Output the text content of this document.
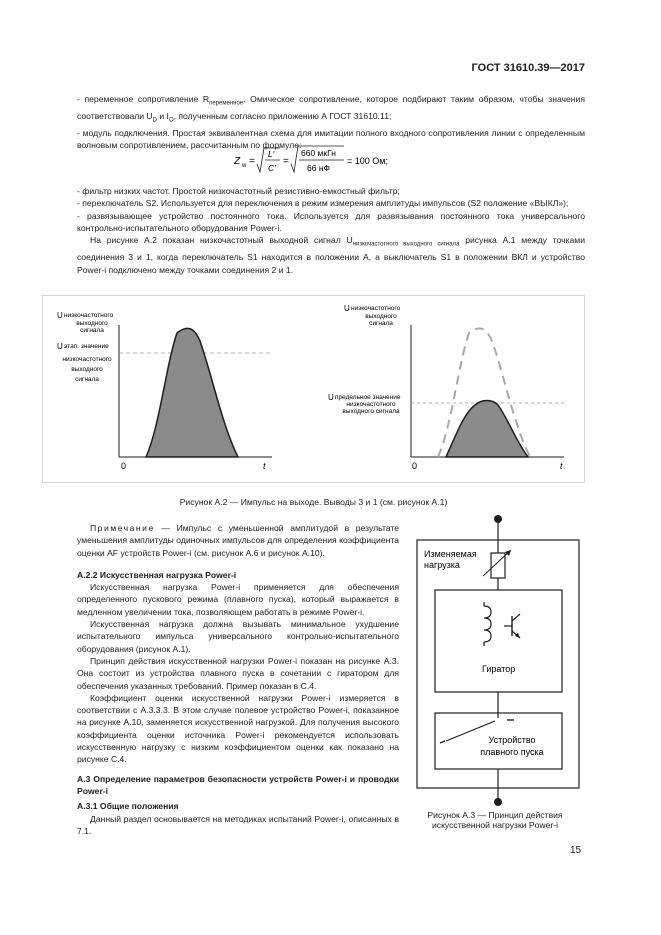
ГОСТ 31610.39—2017

- переменное сопротивление $R_{переменное}$. Омическое сопротивление, которое подбирают таким образом, чтобы значения соответствовали $U_D$ и $I_O$, полученным согласно приложению А ГОСТ 31610.11;

- модуль подключения. Простая эквивалентная схема для имитации полного входного сопротивления линии с определенным волновым сопротивлением, рассчитанным по формуле:

Z w =
L′
C′
=
660 мкГн
66 нФ
= 100 Ом;

- фильтр низких частот. Простой низкочастотный резистивно-емкостный фильтр;

- переключатель S2. Используется для переключения в режим измерения амплитуды импульсов (S2 положение «ВЫКЛ»);

- развязывающее устройство постоянного тока. Используется для развязывания постоянного тока универсального контрольно-испытательного оборудования Power-i.

На рисунке А.2 показан низкочастотный выходной сигнал $U_{низкочастотного выходного сигнала}$ рисунка А.1 между точками соединения 3 и 1, когда переключатель S1 находится в положении А, а выключатель S1 в положении ВКЛ и устройство Power-i подключено между точками соединения 2 и 1.

U низкочастотного
выходного
сигнала
U этап. значение
низкочастотного
выходного
сигнала
0	t
U низкочастотного
выходного
сигнала
U предельное значение
низкочастотного
выходного сигнала
0	t
Рисунок А.2 — Импульс на выходе. Выводы 3 и 1 (см. рисунок А.1)

Примечание — Импульс с уменьшенной амплитудой в результате уменьшения амплитуды одиночных импульсов для определения коэффициента оценки AF устройств Power-i (см. рисунок А.6 и рисунок А.10).

А.2.2 Искусственная нагрузка Power-i

Искусственная нагрузка Power-i применяется для обеспечения определенного пускового режима (плавного пуска), который выражается в медленном увеличении тока, позволяющем работать в режиме Power-i.

Искусственная нагрузка должна вызывать минимальное ухудшение испытательного импульса универсального контрольно-испытательного оборудования (рисунок А.1).

Принцип действия искусственной нагрузки Power-i показан на рисунке А.3. Она состоит из устройства плавного пуска в сочетании с гиратором для обеспечения указанных требований. Пример показан в С.4.

Коэффициент оценки искусственной нагрузки Power-i измеряется в соответствии с А.3.3.3. В этом случае полевое устройство Power-i, показанное на рисунке А.10, заменяется искусственной нагрузкой. Для получения высокого коэффициента оценки источника Power-i рекомендуется использовать искусственную нагрузку с низким коэффициентом оценки как показано на рисунке С.4.

А.3 Определение параметров безопасности устройств Power-i и проводки Power-i

А.3.1 Общие положения

Данный раздел основывается на методиках испытаний Power-i, описанных в 7.1.

Изменяемая
нагрузка
Гиратор
Устройство
плавного пуска
Рисунок А.3 — Принцип действия
искусственной нагрузки Power-i
15
